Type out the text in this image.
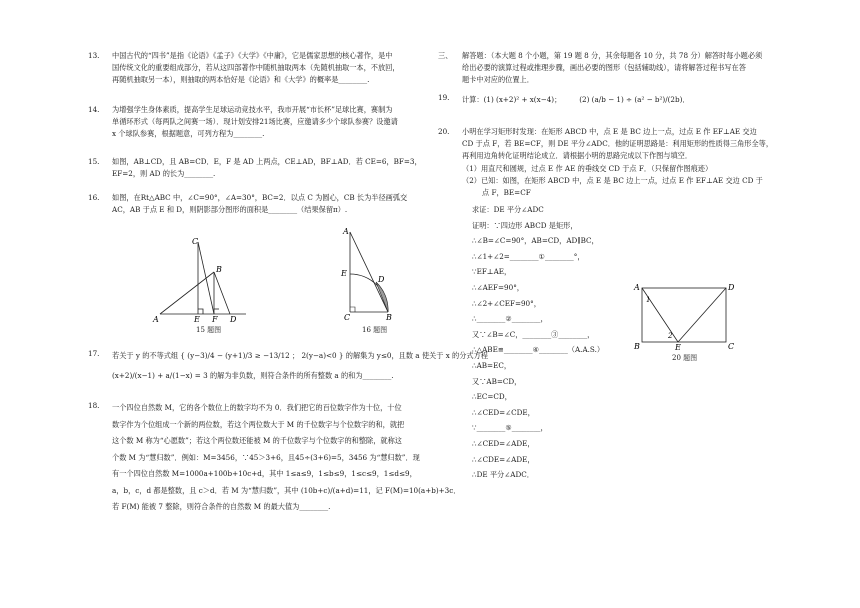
13. 中国古代的“四书”是指《论语》《孟子》《大学》《中庸》，它是儒家思想的核心著作，是中
国传统文化的重要组成部分，若从这四部著作中随机抽取两本（先随机抽取一本，不放回，
再随机抽取另一本），则抽取的两本恰好是《论语》和《大学》的概率是________.
14. 为增强学生身体素质，提高学生足球运动竞技水平，我市开展“市长杯”足球比赛，赛制为
单循环形式（每两队之间赛一场）．现计划安排21场比赛，应邀请多少个球队参赛？设邀请
x 个球队参赛，根据题意，可列方程为________.
15. 如图，AB⊥CD，且 AB=CD．E，F 是 AD 上两点，CE⊥AD，BF⊥AD．若 CE=6，BF=3，
EF=2，则 AD 的长为________.
16. 如图，在Rt△ABC 中，∠C=90°，∠A=30°，BC=2．以点 C 为圆心，CB 长为半径画弧交
AC，AB 于点 E 和 D，则阴影部分图形的面积是________（结果保留π）.
C
B
A	E F D
15 题图
A
E
D
C	B
16 题图
17. 若关于 y 的不等式组 { (y−3)/4 − (y+1)/3 ≥ −13/12 ； 2(y−a)<0 } 的解集为 y≤0，且数 a 使关于 x 的分式方程
(x+2)/(x−1) + a/(1−x) = 3 的解为非负数，则符合条件的所有整数 a 的和为________.
18. 一个四位自然数 M，它的各个数位上的数字均不为 0．我们把它的百位数字作为十位，十位
数字作为个位组成一个新的两位数，若这个两位数大于 M 的千位数字与个位数字的和，就把
这个数 M 称为“心愿数”；若这个两位数还能被 M 的千位数字与个位数字的和整除，就称这
个数 M 为“慧归数”．例如：M=3456，∵45＞3+6，且45÷(3+6)=5，3456 为“慧归数”．现
有一个四位自然数 M=1000a+100b+10c+d，其中 1≤a≤9，1≤b≤9，1≤c≤9，1≤d≤9，
a，b，c，d 都是整数，且 c＞d．若 M 为“慧归数”，其中 (10b+c)/(a+d)=11，记 F(M)=10(a+b)+3c．
若 F(M) 能被 7 整除，则符合条件的自然数 M 的最大值为________.
三、 解答题：（本大题 8 个小题，第 19 题 8 分，其余每题各 10 分，共 78 分）解答时每小题必须
给出必要的演算过程或推理步骤，画出必要的图形（包括辅助线），请将解答过程书写在答
题卡中对应的位置上．
19. 计算：(1) (x+2)² + x(x−4)；　　　(2) (a/b − 1) ÷ (a² − b²)/(2b)．
20. 小明在学习矩形时发现：在矩形 ABCD 中，点 E 是 BC 边上一点，过点 E 作 EF⊥AE 交边
CD 于点 F，若 BE=CF，则 DE 平分∠ADC．他的证明思路是：利用矩形的性质得三角形全等，
再利用边角转化证明结论成立．请根据小明的思路完成以下作图与填空．
（1）用直尺和圆规，过点 E 作 AE 的垂线交 CD 于点 F．（只保留作图痕迹）
（2）已知：如图，在矩形 ABCD 中，点 E 是 BC 边上一点，过点 E 作 EF⊥AE 交边 CD 于
点 F，BE=CF
求证：DE 平分∠ADC
证明：∵四边形 ABCD 是矩形，
∴∠B=∠C=90°，AB=CD，AD∥BC，
∴∠1+∠2=________①________°，
∵EF⊥AE，
∴∠AEF=90°，
∴∠2+∠CEF=90°，
∴________②________，
又∵∠B=∠C，________③________，
∴△ABE≌________④________（A.A.S.）
∴AB=EC，
又∵AB=CD，
∴EC=CD，
∴∠CED=∠CDE，
∵________⑤________，
∴∠CED=∠ADE，
∴∠CDE=∠ADE，
∴DE 平分∠ADC．
A	D
B	E	C
1
2
20 题图
